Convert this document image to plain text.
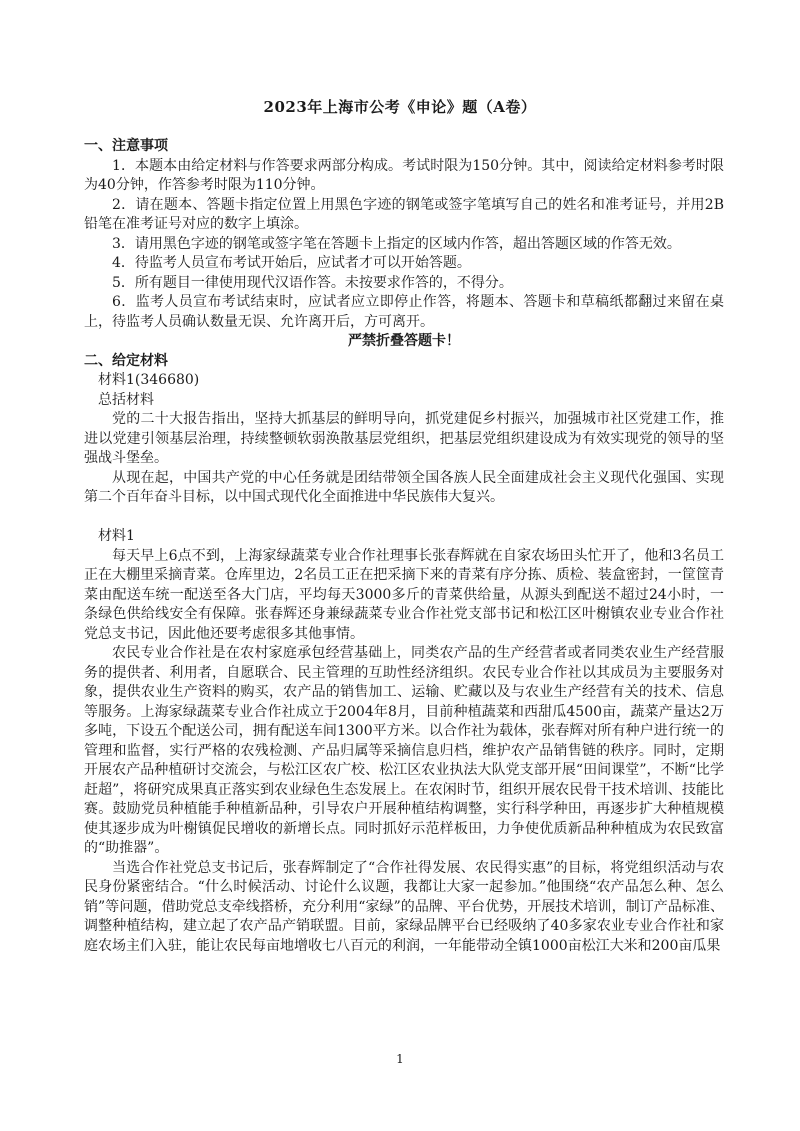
2023年上海市公考《申论》题（A卷）
一、注意事项
1．本题本由给定材料与作答要求两部分构成。考试时限为150分钟。其中，阅读给定材料参考时限为40分钟，作答参考时限为110分钟。
2．请在题本、答题卡指定位置上用黑色字迹的钢笔或签字笔填写自己的姓名和准考证号，并用2B铅笔在准考证号对应的数字上填涂。
3．请用黑色字迹的钢笔或签字笔在答题卡上指定的区域内作答，超出答题区域的作答无效。
4．待监考人员宣布考试开始后，应试者才可以开始答题。
5．所有题目一律使用现代汉语作答。未按要求作答的，不得分。
6．监考人员宣布考试结束时，应试者应立即停止作答，将题本、答题卡和草稿纸都翻过来留在桌上，待监考人员确认数量无误、允许离开后，方可离开。
严禁折叠答题卡！
二、给定材料
材料1(346680)
总括材料
党的二十大报告指出，坚持大抓基层的鲜明导向，抓党建促乡村振兴，加强城市社区党建工作，推进以党建引领基层治理，持续整顿软弱涣散基层党组织，把基层党组织建设成为有效实现党的领导的坚强战斗堡垒。
从现在起，中国共产党的中心任务就是团结带领全国各族人民全面建成社会主义现代化强国、实现第二个百年奋斗目标，以中国式现代化全面推进中华民族伟大复兴。
材料1
每天早上6点不到，上海家绿蔬菜专业合作社理事长张春辉就在自家农场田头忙开了，他和3名员工正在大棚里采摘青菜。仓库里边，2名员工正在把采摘下来的青菜有序分拣、质检、装盒密封，一筐筐青菜由配送车统一配送至各大门店，平均每天3000多斤的青菜供给量，从源头到配送不超过24小时，一条绿色供给线安全有保障。张春辉还身兼绿蔬菜专业合作社党支部书记和松江区叶榭镇农业专业合作社党总支书记，因此他还要考虑很多其他事情。
农民专业合作社是在农村家庭承包经营基础上，同类农产品的生产经营者或者同类农业生产经营服务的提供者、利用者，自愿联合、民主管理的互助性经济组织。农民专业合作社以其成员为主要服务对象，提供农业生产资料的购买，农产品的销售加工、运输、贮藏以及与农业生产经营有关的技术、信息等服务。上海家绿蔬菜专业合作社成立于2004年8月，目前种植蔬菜和西甜瓜4500亩，蔬菜产量达2万多吨，下设五个配送公司，拥有配送车间1300平方米。以合作社为载体，张春辉对所有种户进行统一的管理和监督，实行严格的农残检测、产品归属等采摘信息归档，维护农产品销售链的秩序。同时，定期开展农产品种植研讨交流会，与松江区农广校、松江区农业执法大队党支部开展“田间课堂”，不断“比学赶超”，将研究成果真正落实到农业绿色生态发展上。在农闲时节，组织开展农民骨干技术培训、技能比赛。鼓励党员种植能手种植新品种，引导农户开展种植结构调整，实行科学种田，再逐步扩大种植规模使其逐步成为叶榭镇促民增收的新增长点。同时抓好示范样板田，力争使优质新品种种植成为农民致富的“助推器”。
当选合作社党总支书记后，张春辉制定了“合作社得发展、农民得实惠”的目标，将党组织活动与农民身份紧密结合。“什么时候活动、讨论什么议题，我都让大家一起参加。”他围绕“农产品怎么种、怎么销”等问题，借助党总支牵线搭桥，充分利用“家绿”的品牌、平台优势，开展技术培训，制订产品标准、调整种植结构，建立起了农产品产销联盟。目前，家绿品牌平台已经吸纳了40多家农业专业合作社和家庭农场主们入驻，能让农民每亩地增收七八百元的利润，一年能带动全镇1000亩松江大米和200亩瓜果
1
